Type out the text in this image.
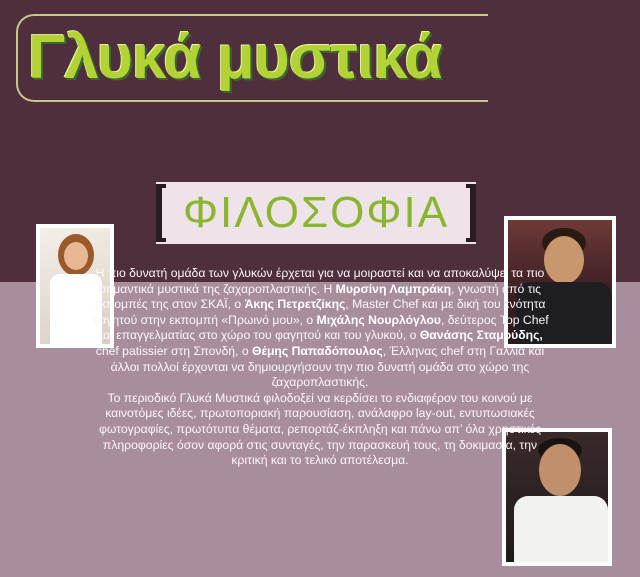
Γλυκά μυστικά
ΦΙΛΟΣΟΦΙΑ

Η πιο δυνατή ομάδα των γλυκών έρχεται για να μοιραστεί και να αποκαλύψει τα πιο σημαντικά μυστικά της ζαχαροπλαστικής. Η Μυρσίνη Λαμπράκη, γνωστή από τις εκπομπές της στον ΣΚΑΪ, ο Άκης Πετρετζίκης, Master Chef και με δική του ενότητα φαγητού στην εκπομπή «Πρωινό μου», ο Μιχάλης Νουρλόγλου, δεύτερος Top Chef και επαγγελματίας στο χώρο του φαγητού και του γλυκού, ο Θανάσης Σταμούδης, chef patissier στη Σπονδή, ο Θέμης Παπαδόπουλος, Έλληνας chef στη Γαλλία και άλλοι πολλοί έρχονται να δημιουργήσουν την πιο δυνατή ομάδα στο χώρο της ζαχαροπλαστικής.
Το περιοδικό Γλυκά Μυστικά φιλοδοξεί να κερδίσει το ενδιαφέρον του κοινού με καινοτόμες ιδέες, πρωτοποριακή παρουσίαση, ανάλαφρο lay-out, εντυπωσιακές φωτογραφίες, πρωτότυπα θέματα, ρεπορτάζ-έκπληξη και πάνω απ’ όλα χρηστικές πληροφορίες όσον αφορά στις συνταγές, την παρασκευή τους, τη δοκιμασία, την κριτική και το τελικό αποτέλεσμα.
